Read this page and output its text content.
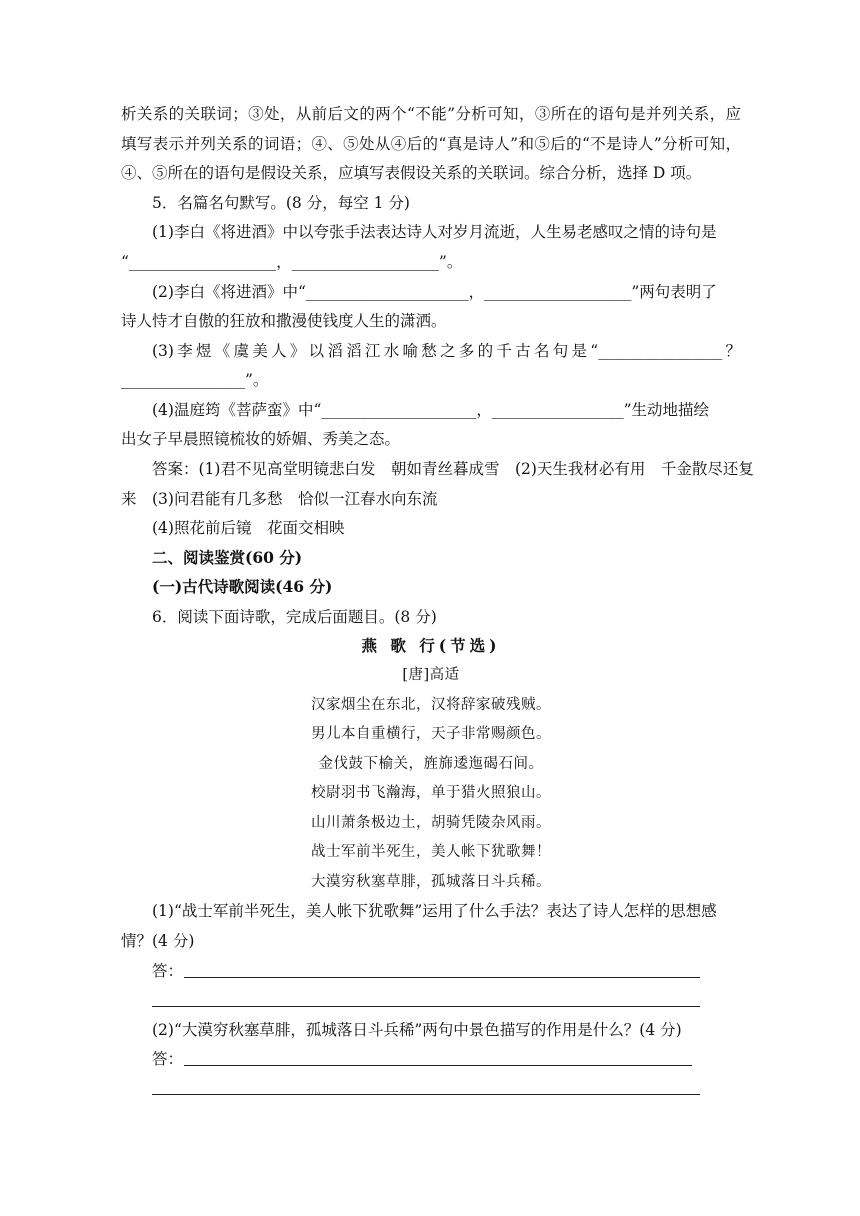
析关系的关联词；③处，从前后文的两个“不能”分析可知，③所在的语句是并列关系，应
填写表示并列关系的词语；④、⑤处从④后的“真是诗人”和⑤后的“不是诗人”分析可知，
④、⑤所在的语句是假设关系，应填写表假设关系的关联词。综合分析，选择 D 项。
5．名篇名句默写。(8 分，每空 1 分)
(1)李白《将进酒》中以夸张手法表达诗人对岁月流逝，人生易老感叹之情的诗句是
“___________________，___________________”。
(2)李白《将进酒》中“_____________________，___________________”两句表明了
诗人恃才自傲的狂放和撒漫使钱度人生的潇洒。
(3)李煜《虞美人》以滔滔江水喻愁之多的千古名句是“________________？
________________”。
(4)温庭筠《菩萨蛮》中“____________________，_________________”生动地描绘
出女子早晨照镜梳妆的娇媚、秀美之态。
答案：(1)君不见高堂明镜悲白发　朝如青丝暮成雪　(2)天生我材必有用　千金散尽还复
来　(3)问君能有几多愁　恰似一江春水向东流
(4)照花前后镜　花面交相映
二、阅读鉴赏(60 分)
(一)古代诗歌阅读(46 分)
6．阅读下面诗歌，完成后面题目。(8 分)
燕 歌 行(节选)
[唐]高适
汉家烟尘在东北，汉将辞家破残贼。
男儿本自重横行，天子非常赐颜色。
金伐鼓下榆关，旌旆逶迤碣石间。
校尉羽书飞瀚海，单于猎火照狼山。
山川萧条极边土，胡骑凭陵杂风雨。
战士军前半死生，美人帐下犹歌舞！
大漠穷秋塞草腓，孤城落日斗兵稀。
(1)“战士军前半死生，美人帐下犹歌舞”运用了什么手法？表达了诗人怎样的思想感
情？(4 分)
答：
(2)“大漠穷秋塞草腓，孤城落日斗兵稀”两句中景色描写的作用是什么？(4 分)
答：
